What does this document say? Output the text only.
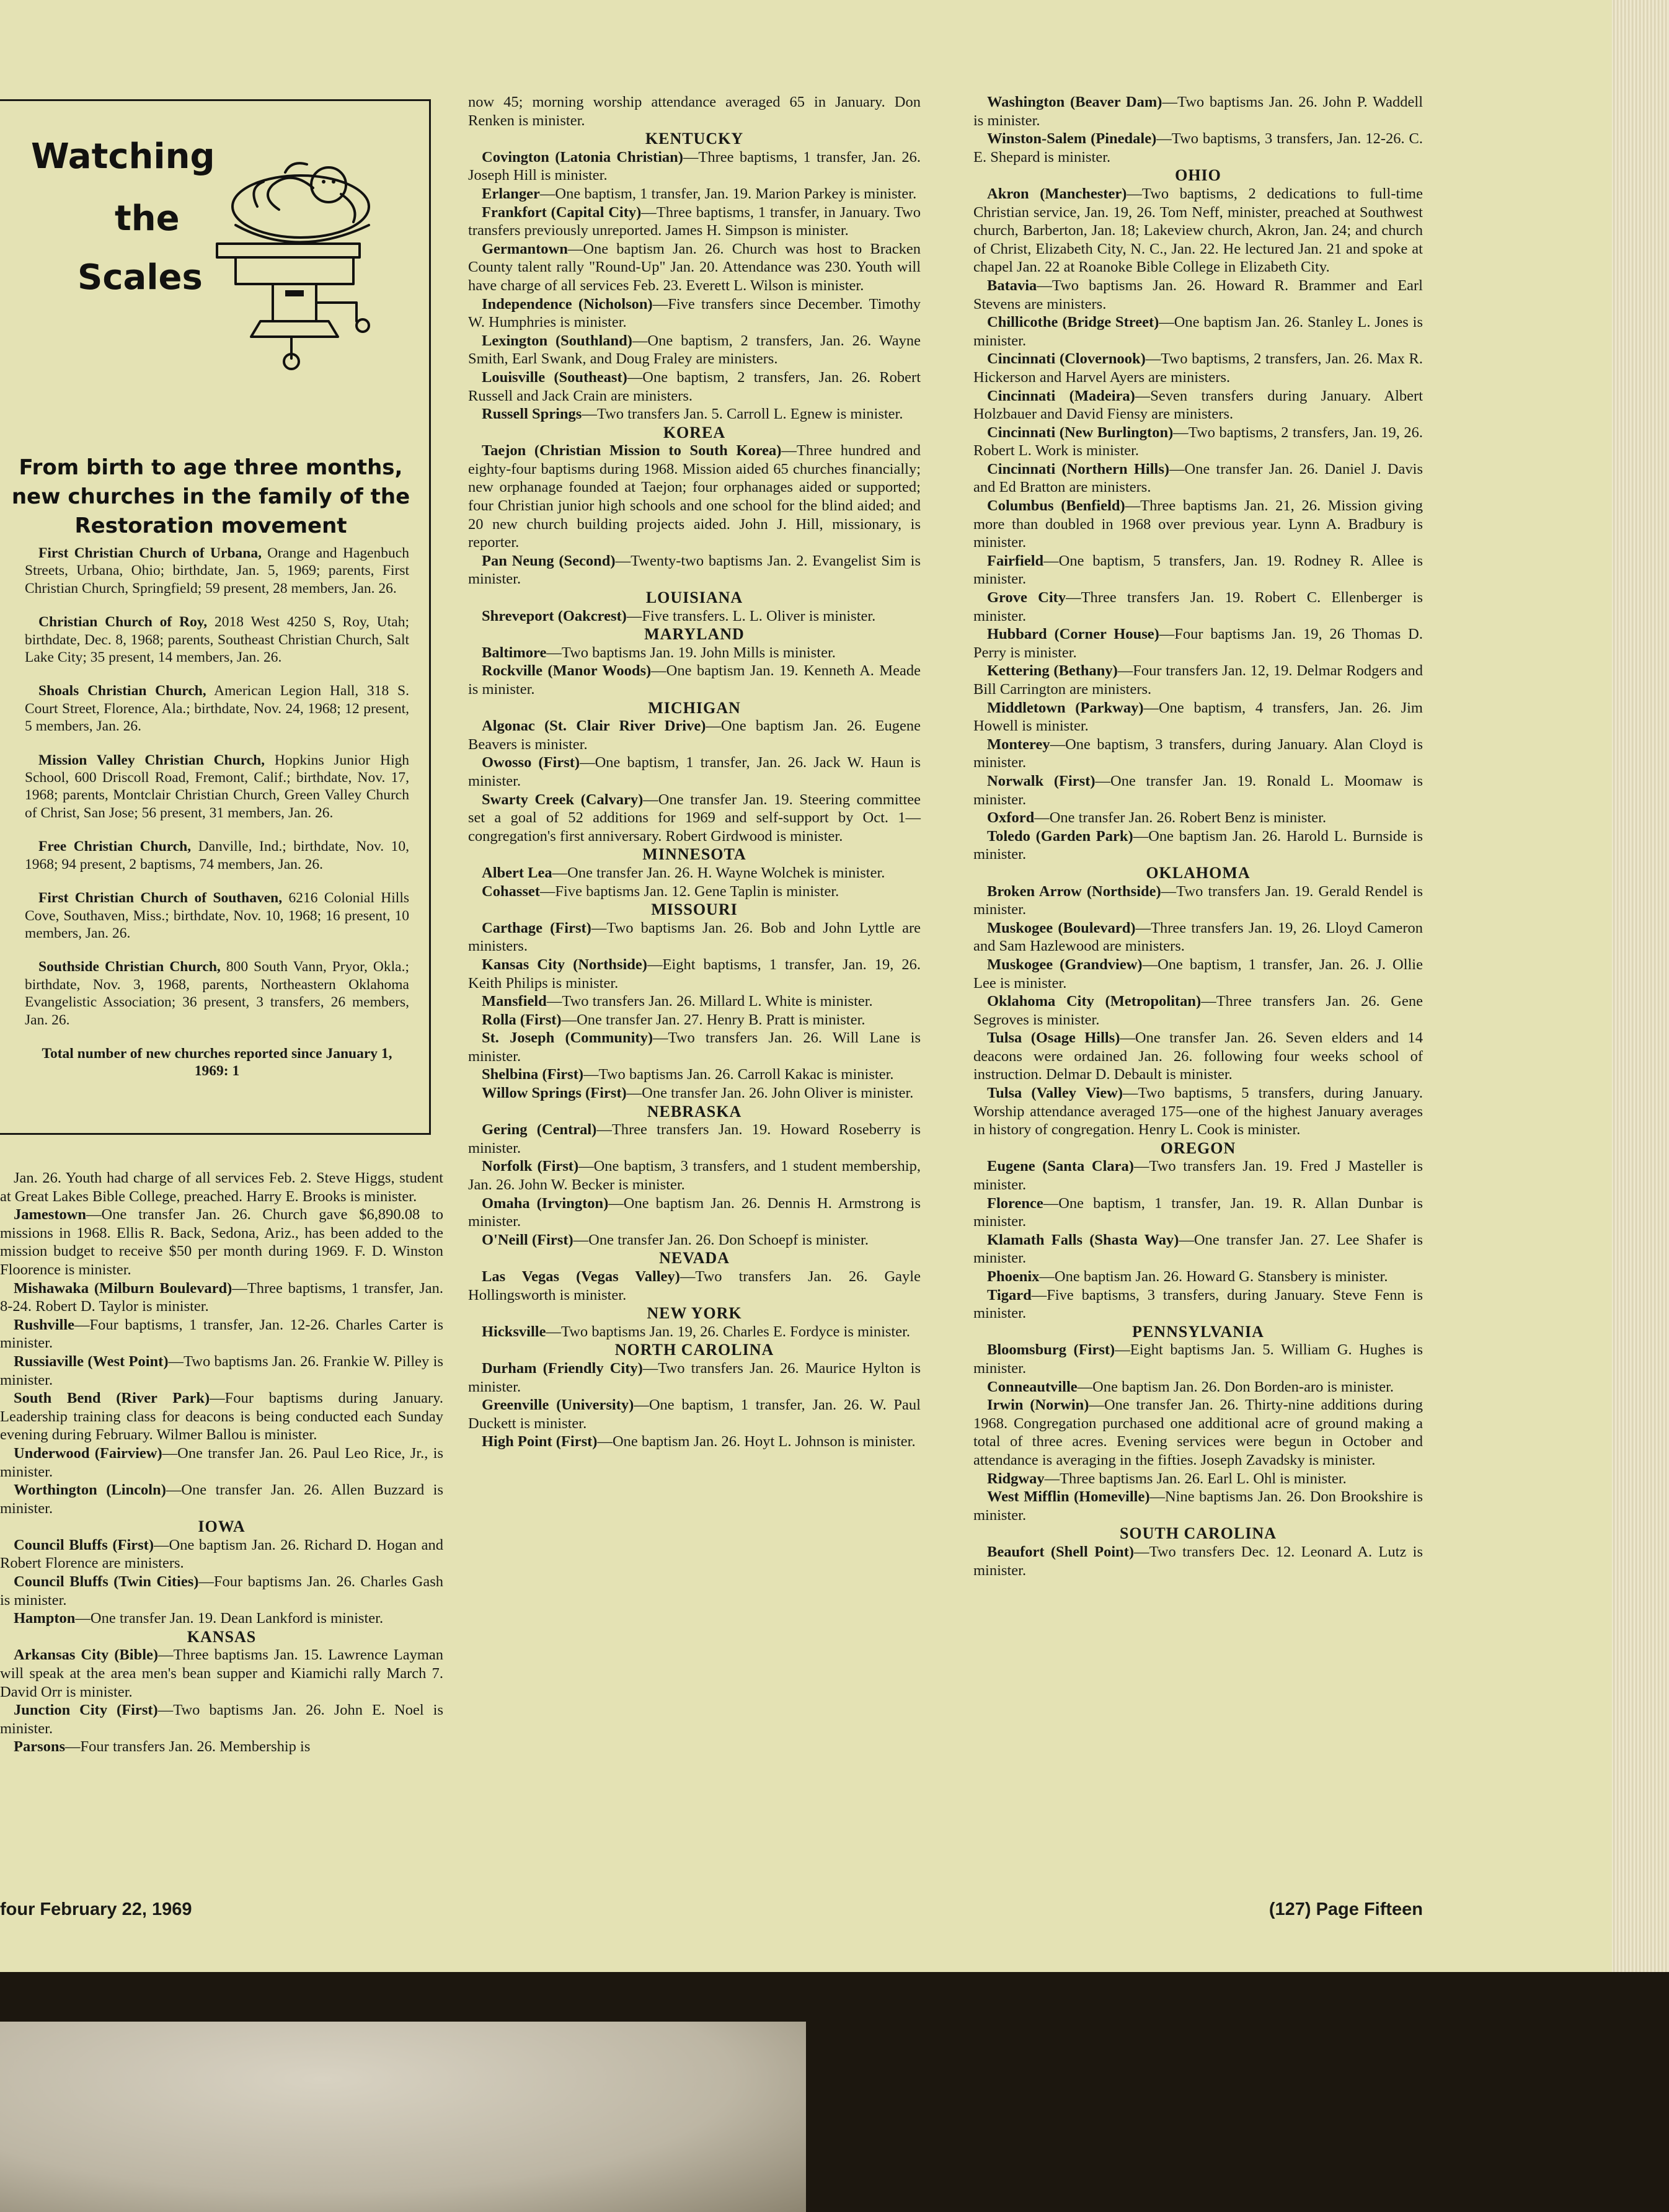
Watching
the
Scales
From birth to age three months, new churches in the family of the Restoration movement

First Christian Church of Urbana, Orange and Hagenbuch Streets, Urbana, Ohio; birthdate, Jan. 5, 1969; parents, First Christian Church, Springfield; 59 present, 28 members, Jan. 26.

Christian Church of Roy, 2018 West 4250 S, Roy, Utah; birthdate, Dec. 8, 1968; parents, Southeast Christian Church, Salt Lake City; 35 present, 14 members, Jan. 26.

Shoals Christian Church, American Legion Hall, 318 S. Court Street, Florence, Ala.; birthdate, Nov. 24, 1968; 12 present, 5 members, Jan. 26.

Mission Valley Christian Church, Hopkins Junior High School, 600 Driscoll Road, Fremont, Calif.; birthdate, Nov. 17, 1968; parents, Montclair Christian Church, Green Valley Church of Christ, San Jose; 56 present, 31 members, Jan. 26.

Free Christian Church, Danville, Ind.; birthdate, Nov. 10, 1968; 94 present, 2 baptisms, 74 members, Jan. 26.

First Christian Church of Southaven, 6216 Colonial Hills Cove, Southaven, Miss.; birthdate, Nov. 10, 1968; 16 present, 10 members, Jan. 26.

Southside Christian Church, 800 South Vann, Pryor, Okla.; birthdate, Nov. 3, 1968, parents, Northeastern Oklahoma Evangelistic Association; 36 present, 3 transfers, 26 members, Jan. 26.

Total number of new churches reported since January 1, 1969: 1

Jan. 26. Youth had charge of all services Feb. 2. Steve Higgs, student at Great Lakes Bible College, preached. Harry E. Brooks is minister.

Jamestown—One transfer Jan. 26. Church gave $6,890.08 to missions in 1968. Ellis R. Back, Sedona, Ariz., has been added to the mission budget to receive $50 per month during 1969. F. D. Winston Floorence is minister.

Mishawaka (Milburn Boulevard)—Three baptisms, 1 transfer, Jan. 8-24. Robert D. Taylor is minister.

Rushville—Four baptisms, 1 transfer, Jan. 12-26. Charles Carter is minister.

Russiaville (West Point)—Two baptisms Jan. 26. Frankie W. Pilley is minister.

South Bend (River Park)—Four baptisms during January. Leadership training class for deacons is being conducted each Sunday evening during February. Wilmer Ballou is minister.

Underwood (Fairview)—One transfer Jan. 26. Paul Leo Rice, Jr., is minister.

Worthington (Lincoln)—One transfer Jan. 26. Allen Buzzard is minister.

IOWA

Council Bluffs (First)—One baptism Jan. 26. Richard D. Hogan and Robert Florence are ministers.

Council Bluffs (Twin Cities)—Four baptisms Jan. 26. Charles Gash is minister.

Hampton—One transfer Jan. 19. Dean Lankford is minister.

KANSAS

Arkansas City (Bible)—Three baptisms Jan. 15. Lawrence Layman will speak at the area men's bean supper and Kiamichi rally March 7. David Orr is minister.

Junction City (First)—Two baptisms Jan. 26. John E. Noel is minister.

Parsons—Four transfers Jan. 26. Membership is

now 45; morning worship attendance averaged 65 in January. Don Renken is minister.

KENTUCKY

Covington (Latonia Christian)—Three baptisms, 1 transfer, Jan. 26. Joseph Hill is minister.

Erlanger—One baptism, 1 transfer, Jan. 19. Marion Parkey is minister.

Frankfort (Capital City)—Three baptisms, 1 transfer, in January. Two transfers previously unreported. James H. Simpson is minister.

Germantown—One baptism Jan. 26. Church was host to Bracken County talent rally "Round-Up" Jan. 20. Attendance was 230. Youth will have charge of all services Feb. 23. Everett L. Wilson is minister.

Independence (Nicholson)—Five transfers since December. Timothy W. Humphries is minister.

Lexington (Southland)—One baptism, 2 transfers, Jan. 26. Wayne Smith, Earl Swank, and Doug Fraley are ministers.

Louisville (Southeast)—One baptism, 2 transfers, Jan. 26. Robert Russell and Jack Crain are ministers.

Russell Springs—Two transfers Jan. 5. Carroll L. Egnew is minister.

KOREA

Taejon (Christian Mission to South Korea)—Three hundred and eighty-four baptisms during 1968. Mission aided 65 churches financially; new orphanage founded at Taejon; four orphanages aided or supported; four Christian junior high schools and one school for the blind aided; and 20 new church building projects aided. John J. Hill, missionary, is reporter.

Pan Neung (Second)—Twenty-two baptisms Jan. 2. Evangelist Sim is minister.

LOUISIANA

Shreveport (Oakcrest)—Five transfers. L. L. Oliver is minister.

MARYLAND

Baltimore—Two baptisms Jan. 19. John Mills is minister.

Rockville (Manor Woods)—One baptism Jan. 19. Kenneth A. Meade is minister.

MICHIGAN

Algonac (St. Clair River Drive)—One baptism Jan. 26. Eugene Beavers is minister.

Owosso (First)—One baptism, 1 transfer, Jan. 26. Jack W. Haun is minister.

Swarty Creek (Calvary)—One transfer Jan. 19. Steering committee set a goal of 52 additions for 1969 and self-support by Oct. 1—congregation's first anniversary. Robert Girdwood is minister.

MINNESOTA

Albert Lea—One transfer Jan. 26. H. Wayne Wolchek is minister.

Cohasset—Five baptisms Jan. 12. Gene Taplin is minister.

MISSOURI

Carthage (First)—Two baptisms Jan. 26. Bob and John Lyttle are ministers.

Kansas City (Northside)—Eight baptisms, 1 transfer, Jan. 19, 26. Keith Philips is minister.

Mansfield—Two transfers Jan. 26. Millard L. White is minister.

Rolla (First)—One transfer Jan. 27. Henry B. Pratt is minister.

St. Joseph (Community)—Two transfers Jan. 26. Will Lane is minister.

Shelbina (First)—Two baptisms Jan. 26. Carroll Kakac is minister.

Willow Springs (First)—One transfer Jan. 26. John Oliver is minister.

NEBRASKA

Gering (Central)—Three transfers Jan. 19. Howard Roseberry is minister.

Norfolk (First)—One baptism, 3 transfers, and 1 student membership, Jan. 26. John W. Becker is minister.

Omaha (Irvington)—One baptism Jan. 26. Dennis H. Armstrong is minister.

O'Neill (First)—One transfer Jan. 26. Don Schoepf is minister.

NEVADA

Las Vegas (Vegas Valley)—Two transfers Jan. 26. Gayle Hollingsworth is minister.

NEW YORK

Hicksville—Two baptisms Jan. 19, 26. Charles E. Fordyce is minister.

NORTH CAROLINA

Durham (Friendly City)—Two transfers Jan. 26. Maurice Hylton is minister.

Greenville (University)—One baptism, 1 transfer, Jan. 26. W. Paul Duckett is minister.

High Point (First)—One baptism Jan. 26. Hoyt L. Johnson is minister.

Washington (Beaver Dam)—Two baptisms Jan. 26. John P. Waddell is minister.

Winston-Salem (Pinedale)—Two baptisms, 3 transfers, Jan. 12-26. C. E. Shepard is minister.

OHIO

Akron (Manchester)—Two baptisms, 2 dedications to full-time Christian service, Jan. 19, 26. Tom Neff, minister, preached at Southwest church, Barberton, Jan. 18; Lakeview church, Akron, Jan. 24; and church of Christ, Elizabeth City, N. C., Jan. 22. He lectured Jan. 21 and spoke at chapel Jan. 22 at Roanoke Bible College in Elizabeth City.

Batavia—Two baptisms Jan. 26. Howard R. Brammer and Earl Stevens are ministers.

Chillicothe (Bridge Street)—One baptism Jan. 26. Stanley L. Jones is minister.

Cincinnati (Clovernook)—Two baptisms, 2 transfers, Jan. 26. Max R. Hickerson and Harvel Ayers are ministers.

Cincinnati (Madeira)—Seven transfers during January. Albert Holzbauer and David Fiensy are ministers.

Cincinnati (New Burlington)—Two baptisms, 2 transfers, Jan. 19, 26. Robert L. Work is minister.

Cincinnati (Northern Hills)—One transfer Jan. 26. Daniel J. Davis and Ed Bratton are ministers.

Columbus (Benfield)—Three baptisms Jan. 21, 26. Mission giving more than doubled in 1968 over previous year. Lynn A. Bradbury is minister.

Fairfield—One baptism, 5 transfers, Jan. 19. Rodney R. Allee is minister.

Grove City—Three transfers Jan. 19. Robert C. Ellenberger is minister.

Hubbard (Corner House)—Four baptisms Jan. 19, 26 Thomas D. Perry is minister.

Kettering (Bethany)—Four transfers Jan. 12, 19. Delmar Rodgers and Bill Carrington are ministers.

Middletown (Parkway)—One baptism, 4 transfers, Jan. 26. Jim Howell is minister.

Monterey—One baptism, 3 transfers, during January. Alan Cloyd is minister.

Norwalk (First)—One transfer Jan. 19. Ronald L. Moomaw is minister.

Oxford—One transfer Jan. 26. Robert Benz is minister.

Toledo (Garden Park)—One baptism Jan. 26. Harold L. Burnside is minister.

OKLAHOMA

Broken Arrow (Northside)—Two transfers Jan. 19. Gerald Rendel is minister.

Muskogee (Boulevard)—Three transfers Jan. 19, 26. Lloyd Cameron and Sam Hazlewood are ministers.

Muskogee (Grandview)—One baptism, 1 transfer, Jan. 26. J. Ollie Lee is minister.

Oklahoma City (Metropolitan)—Three transfers Jan. 26. Gene Segroves is minister.

Tulsa (Osage Hills)—One transfer Jan. 26. Seven elders and 14 deacons were ordained Jan. 26. following four weeks school of instruction. Delmar D. Debault is minister.

Tulsa (Valley View)—Two baptisms, 5 transfers, during January. Worship attendance averaged 175—one of the highest January averages in history of congregation. Henry L. Cook is minister.

OREGON

Eugene (Santa Clara)—Two transfers Jan. 19. Fred J Masteller is minister.

Florence—One baptism, 1 transfer, Jan. 19. R. Allan Dunbar is minister.

Klamath Falls (Shasta Way)—One transfer Jan. 27. Lee Shafer is minister.

Phoenix—One baptism Jan. 26. Howard G. Stansbery is minister.

Tigard—Five baptisms, 3 transfers, during January. Steve Fenn is minister.

PENNSYLVANIA

Bloomsburg (First)—Eight baptisms Jan. 5. William G. Hughes is minister.

Conneautville—One baptism Jan. 26. Don Borden-aro is minister.

Irwin (Norwin)—One transfer Jan. 26. Thirty-nine additions during 1968. Congregation purchased one additional acre of ground making a total of three acres. Evening services were begun in October and attendance is averaging in the fifties. Joseph Zavadsky is minister.

Ridgway—Three baptisms Jan. 26. Earl L. Ohl is minister.

West Mifflin (Homeville)—Nine baptisms Jan. 26. Don Brookshire is minister.

SOUTH CAROLINA

Beaufort (Shell Point)—Two transfers Dec. 12. Leonard A. Lutz is minister.

four February 22, 1969	(127) Page Fifteen
